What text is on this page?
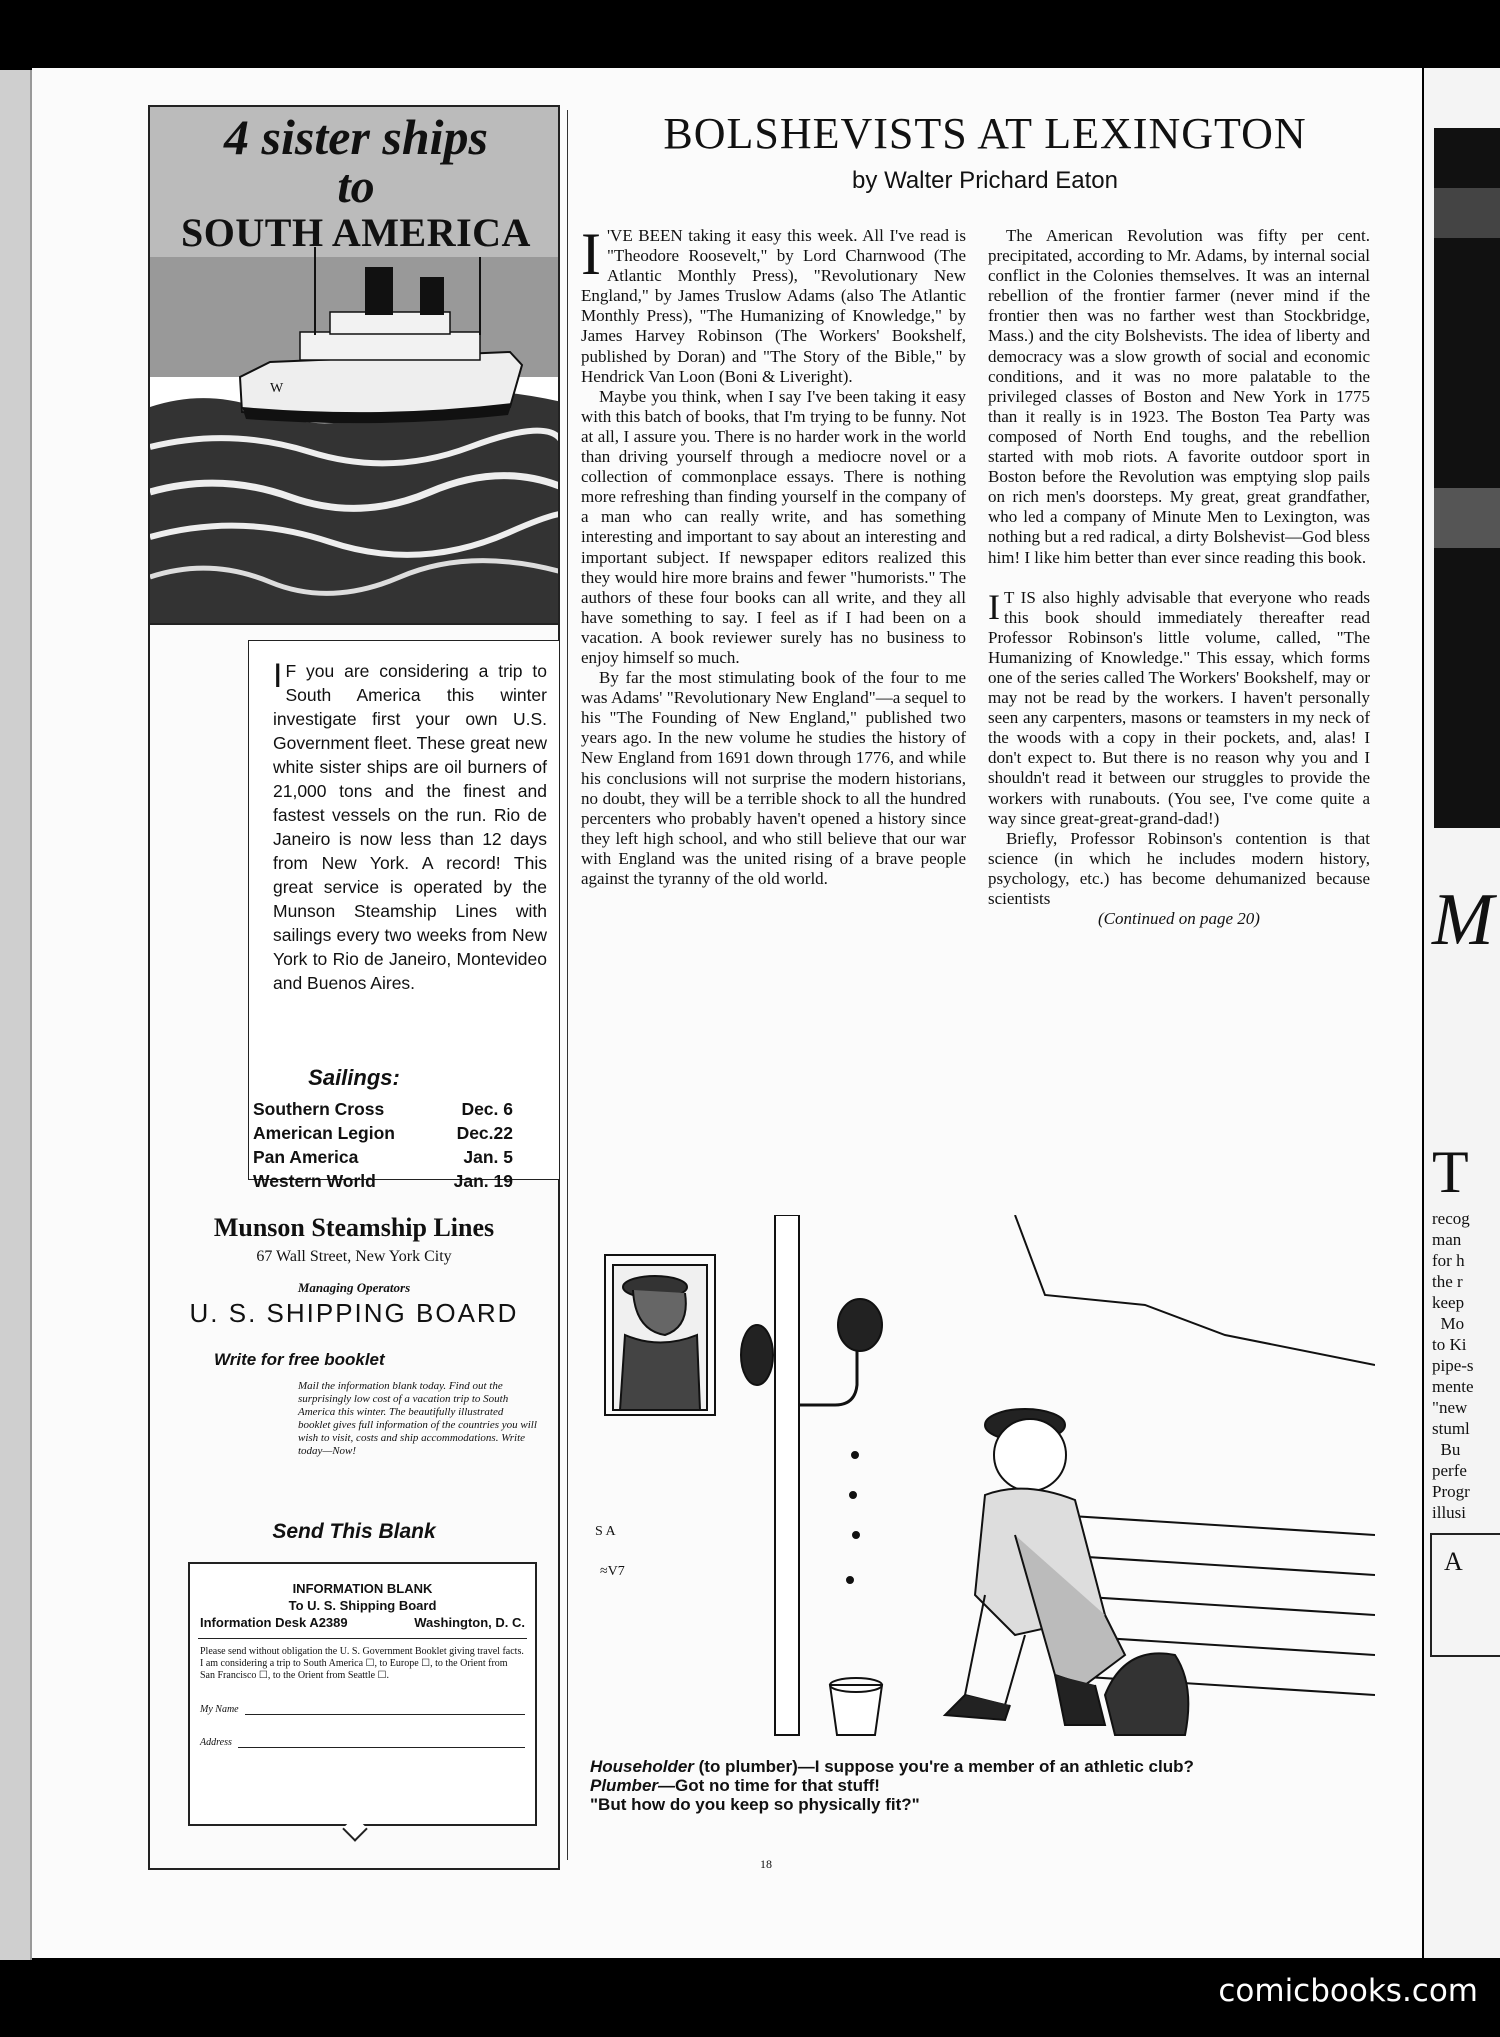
M
T
recog
man
for h
the r
keep
Mo
to Ki
pipe-s
mente
"new
stuml
Bu
perfe
Progr
illusi
A
W
4 sister ships
to
SOUTH AMERICA
I F you are considering a trip to South America this winter investigate first your own U.S. Government fleet. These great new white sister ships are oil burners of 21,000 tons and the finest and fastest vessels on the run. Rio de Janeiro is now less than 12 days from New York. A record! This great service is operated by the Munson Steamship Lines with sailings every two weeks from New York to Rio de Janeiro, Montevideo and Buenos Aires.
Sailings:
Southern Cross	Dec. 6
American Legion	Dec.22
Pan America	Jan. 5
Western World	Jan. 19
Munson Steamship Lines
67 Wall Street, New York City
Managing Operators
U. S. SHIPPING BOARD
Write for free booklet
Mail the information blank today. Find out the surprisingly low cost of a vacation trip to South America this winter. The beautifully illustrated booklet gives full information of the countries you will wish to visit, costs and ship accommodations. Write today—Now!
Send This Blank
INFORMATION BLANK
To U. S. Shipping Board
Information Desk A2389	Washington, D. C.
Please send without obligation the U. S. Government Booklet giving travel facts. I am considering a trip to South America ☐, to Europe ☐, to the Orient from San Francisco ☐, to the Orient from Seattle ☐.
My Name
Address
BOLSHEVISTS AT LEXINGTON
by Walter Prichard Eaton

I 'VE BEEN taking it easy this week. All I've read is "Theodore Roosevelt," by Lord Charnwood (The Atlantic Monthly Press), "Revolutionary New England," by James Truslow Adams (also The Atlantic Monthly Press), "The Humanizing of Knowledge," by James Harvey Robinson (The Workers' Bookshelf, published by Doran) and "The Story of the Bible," by Hendrick Van Loon (Boni & Liveright).

Maybe you think, when I say I've been taking it easy with this batch of books, that I'm trying to be funny. Not at all, I assure you. There is no harder work in the world than driving yourself through a mediocre novel or a collection of commonplace essays. There is nothing more refreshing than finding yourself in the company of a man who can really write, and has something interesting and important to say about an interesting and important subject. If newspaper editors realized this they would hire more brains and fewer "humorists." The authors of these four books can all write, and they all have something to say. I feel as if I had been on a vacation. A book reviewer surely has no business to enjoy himself so much.

By far the most stimulating book of the four to me was Adams' "Revolutionary New England"—a sequel to his "The Founding of New England," published two years ago. In the new volume he studies the history of New England from 1691 down through 1776, and while his conclusions will not surprise the modern historians, no doubt, they will be a terrible shock to all the hundred percenters who probably haven't opened a history since they left high school, and who still believe that our war with England was the united rising of a brave people against the tyranny of the old world.

The American Revolution was fifty per cent. precipitated, according to Mr. Adams, by internal social conflict in the Colonies themselves. It was an internal rebellion of the frontier farmer (never mind if the frontier then was no farther west than Stockbridge, Mass.) and the city Bolshevists. The idea of liberty and democracy was a slow growth of social and economic conditions, and it was no more palatable to the privileged classes of Boston and New York in 1775 than it really is in 1923. The Boston Tea Party was composed of North End toughs, and the rebellion started with mob riots. A favorite outdoor sport in Boston before the Revolution was emptying slop pails on rich men's doorsteps. My great, great grandfather, who led a company of Minute Men to Lexington, was nothing but a red radical, a dirty Bolshevist—God bless him! I like him better than ever since reading this book.

I T IS also highly advisable that everyone who reads this book should immediately thereafter read Professor Robinson's little volume, called, "The Humanizing of Knowledge." This essay, which forms one of the series called The Workers' Bookshelf, may or may not be read by the workers. I haven't personally seen any carpenters, masons or teamsters in my neck of the woods with a copy in their pockets, and, alas! I don't expect to. But there is no reason why you and I shouldn't read it between our struggles to provide the workers with runabouts. (You see, I've come quite a way since great-great-grand-dad!)

Briefly, Professor Robinson's contention is that science (in which he includes modern history, psychology, etc.) has become dehumanized because scientists

(Continued on page 20)

S A
≈V7
Householder (to plumber)—I suppose you're a member of an athletic club?
Plumber—Got no time for that stuff!
"But how do you keep so physically fit?"
18
comicbooks.com
